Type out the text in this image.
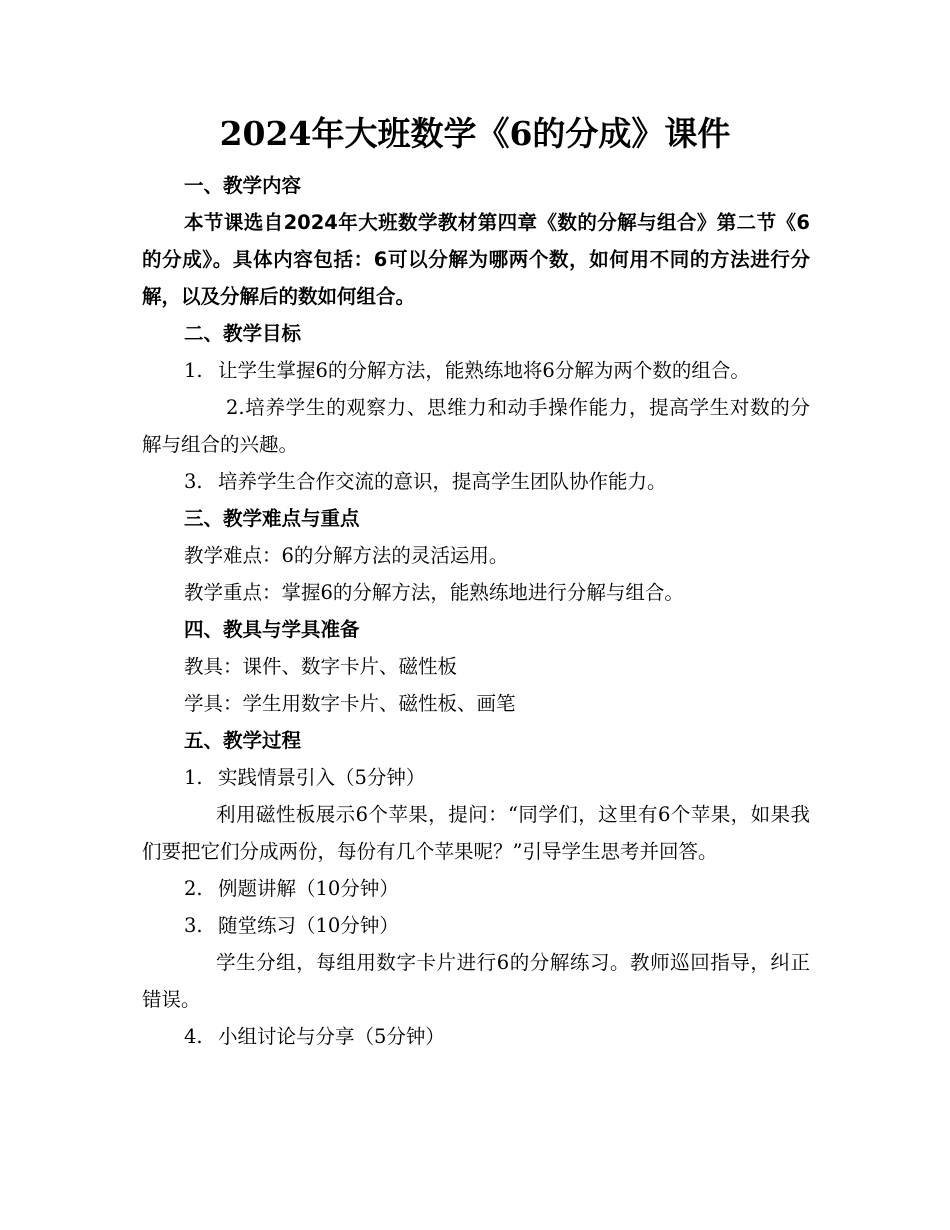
2024年大班数学《6的分成》课件

一、教学内容

本节课选自2024年大班数学教材第四章《数的分解与组合》第二节《6的分成》。具体内容包括：6可以分解为哪两个数，如何用不同的方法进行分解，以及分解后的数如何组合。

二、教学目标

1. 让学生掌握6的分解方法，能熟练地将6分解为两个数的组合。

2.培养学生的观察力、思维力和动手操作能力，提高学生对数的分解与组合的兴趣。

3. 培养学生合作交流的意识，提高学生团队协作能力。

三、教学难点与重点

教学难点：6的分解方法的灵活运用。

教学重点：掌握6的分解方法，能熟练地进行分解与组合。

四、教具与学具准备

教具：课件、数字卡片、磁性板

学具：学生用数字卡片、磁性板、画笔

五、教学过程

1. 实践情景引入（5分钟）

利用磁性板展示6个苹果，提问：“同学们，这里有6个苹果，如果我们要把它们分成两份，每份有几个苹果呢？”引导学生思考并回答。

2. 例题讲解（10分钟）

3. 随堂练习（10分钟）

学生分组，每组用数字卡片进行6的分解练习。教师巡回指导，纠正错误。

4. 小组讨论与分享（5分钟）
